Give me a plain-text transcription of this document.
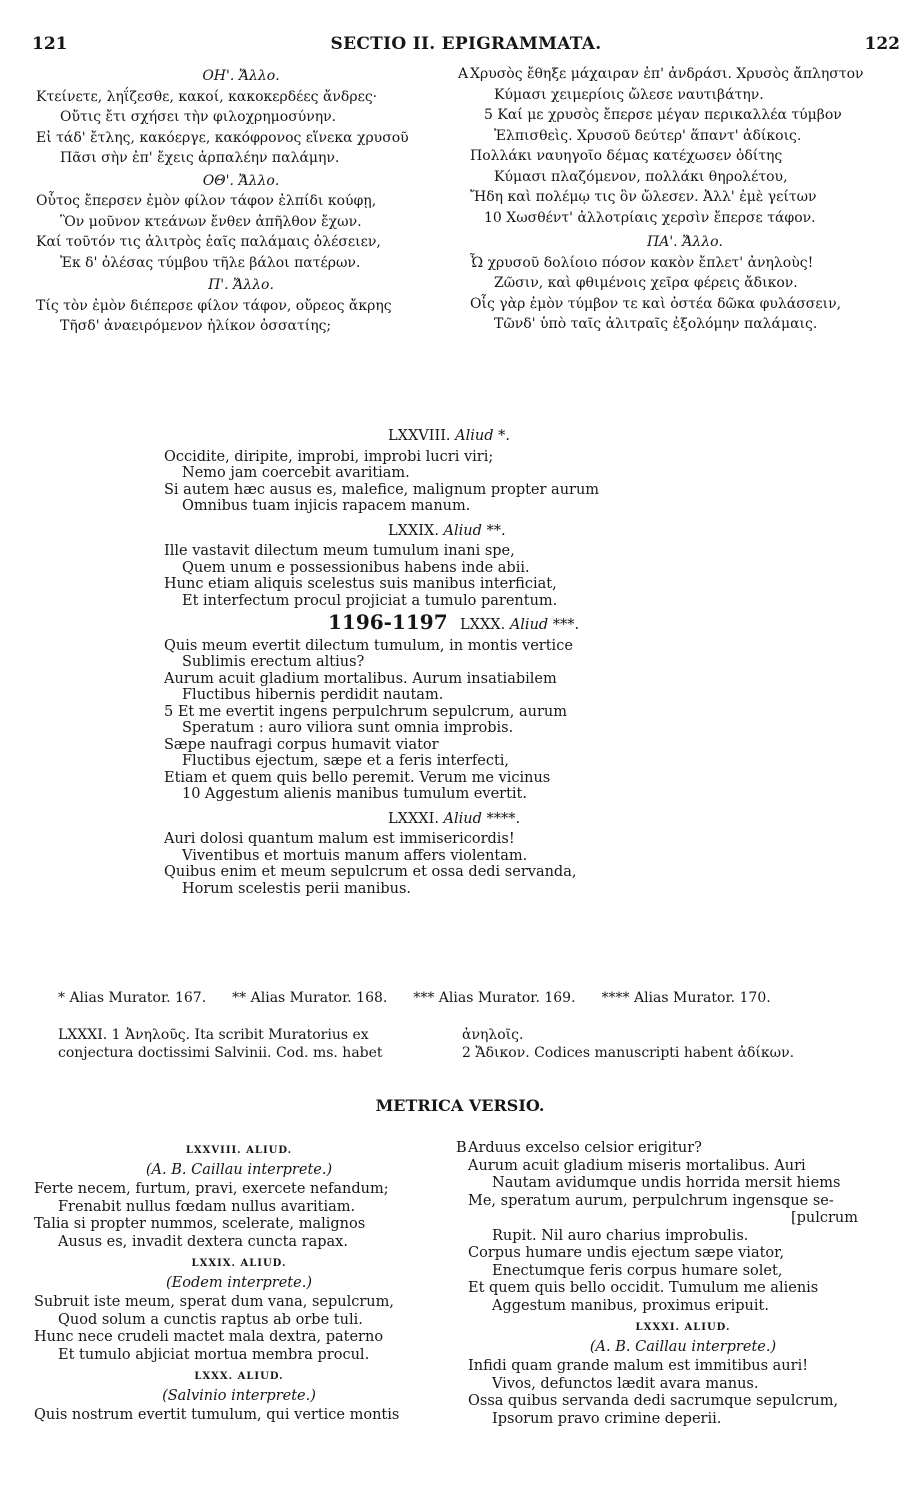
121	SECTIO II. EPIGRAMMATA.	122
ΟΗ'. Ἄλλο.
Κτείνετε, ληΐζεσθε, κακοί, κακοκερδέες ἄνδρες·
Οὔτις ἔτι σχήσει τὴν φιλοχρημοσύνην.
Εἰ τάδ' ἔτλης, κακόεργε, κακόφρονος εἵνεκα χρυσοῦ
Πᾶσι σὴν ἐπ' ἔχεις ἁρπαλέην παλάμην.
ΟΘ'. Ἄλλο.
Οὗτος ἔπερσεν ἐμὸν φίλον τάφον ἐλπίδι κούφῃ,
Ὃν μοῦνον κτεάνων ἔνθεν ἀπῆλθον ἔχων.
Καί τοῦτόν τις ἀλιτρὸς ἑαῖς παλάμαις ὀλέσειεν,
Ἐκ δ' ὀλέσας τύμβου τῆλε βάλοι πατέρων.
Π'. Ἄλλο.
Τίς τὸν ἐμὸν διέπερσε φίλον τάφον, οὔρεος ἄκρης
Τῆσδ' ἀναειρόμενον ἠλίκον ὀσσατίης;
A Χρυσὸς ἔθηξε μάχαιραν ἐπ' ἀνδράσι. Χρυσὸς ἄπληστον
Κύμασι χειμερίοις ὤλεσε ναυτιβάτην.
5 Καί με χρυσὸς ἔπερσε μέγαν περικαλλέα τύμβον
Ἐλπισθεὶς. Χρυσοῦ δεύτερ' ἅπαντ' ἀδίκοις.
Πολλάκι ναυηγοῖο δέμας κατέχωσεν ὁδίτης
Κύμασι πλαζόμενον, πολλάκι θηρολέτου,
Ἤδη καὶ πολέμῳ τις ὃν ὤλεσεν. Ἀλλ' ἐμὲ γείτων
10 Χωσθέντ' ἀλλοτρίαις χερσὶν ἔπερσε τάφον.
ΠΑ'. Ἄλλο.
Ὦ χρυσοῦ δολίοιο πόσον κακὸν ἔπλετ' ἀνηλοὺς!
Ζῶσιν, καὶ φθιμένοις χεῖρα φέρεις ἄδικον.
Οἷς γὰρ ἐμὸν τύμβον τε καὶ ὀστέα δῶκα φυλάσσειν,
Τῶνδ' ὑπὸ ταῖς ἀλιτραῖς ἐξολόμην παλάμαις.
LXXVIII. Aliud *.
Occidite, diripite, improbi, improbi lucri viri;
Nemo jam coercebit avaritiam.
Si autem hæc ausus es, malefice, malignum propter aurum
Omnibus tuam injicis rapacem manum.
LXXIX. Aliud **.
Ille vastavit dilectum meum tumulum inani spe,
Quem unum e possessionibus habens inde abii.
Hunc etiam aliquis scelestus suis manibus interficiat,
Et interfectum procul projiciat a tumulo parentum.
1196-1197 LXXX. Aliud ***.
Quis meum evertit dilectum tumulum, in montis vertice
Sublimis erectum altius?
Aurum acuit gladium mortalibus. Aurum insatiabilem
Fluctibus hibernis perdidit nautam.
5 Et me evertit ingens perpulchrum sepulcrum, aurum
Speratum : auro viliora sunt omnia improbis.
Sæpe naufragi corpus humavit viator
Fluctibus ejectum, sæpe et a feris interfecti,
Etiam et quem quis bello peremit. Verum me vicinus
10 Aggestum alienis manibus tumulum evertit.
LXXXI. Aliud ****.
Auri dolosi quantum malum est immisericordis!
Viventibus et mortuis manum affers violentam.
Quibus enim et meum sepulcrum et ossa dedi servanda,
Horum scelestis perii manibus.
* Alias Murator. 167. ** Alias Murator. 168. *** Alias Murator. 169. **** Alias Murator. 170.
LXXXI. 1 Ἀνηλοῦς. Ita scribit Muratorius ex
conjectura doctissimi Salvinii. Cod. ms. habet
ἀνηλοῖς.
2 Ἄδικον. Codices manuscripti habent ἀδίκων.
METRICA VERSIO.
LXXVIII. ALIUD.
(A. B. Caillau interprete.)
Ferte necem, furtum, pravi, exercete nefandum;
Frenabit nullus fœdam nullus avaritiam.
Talia si propter nummos, scelerate, malignos
Ausus es, invadit dextera cuncta rapax.
LXXIX. ALIUD.
(Eodem interprete.)
Subruit iste meum, sperat dum vana, sepulcrum,
Quod solum a cunctis raptus ab orbe tuli.
Hunc nece crudeli mactet mala dextra, paterno
Et tumulo abjiciat mortua membra procul.
LXXX. ALIUD.
(Salvinio interprete.)
Quis nostrum evertit tumulum, qui vertice montis
B Arduus excelso celsior erigitur?
Aurum acuit gladium miseris mortalibus. Auri
Nautam avidumque undis horrida mersit hiems
Me, speratum aurum, perpulchrum ingensque se-
[pulcrum
Rupit. Nil auro charius improbulis.
Corpus humare undis ejectum sæpe viator,
Enectumque feris corpus humare solet,
Et quem quis bello occidit. Tumulum me alienis
Aggestum manibus, proximus eripuit.
LXXXI. ALIUD.
(A. B. Caillau interprete.)
Infidi quam grande malum est immitibus auri!
Vivos, defunctos lædit avara manus.
Ossa quibus servanda dedi sacrumque sepulcrum,
Ipsorum pravo crimine deperii.
